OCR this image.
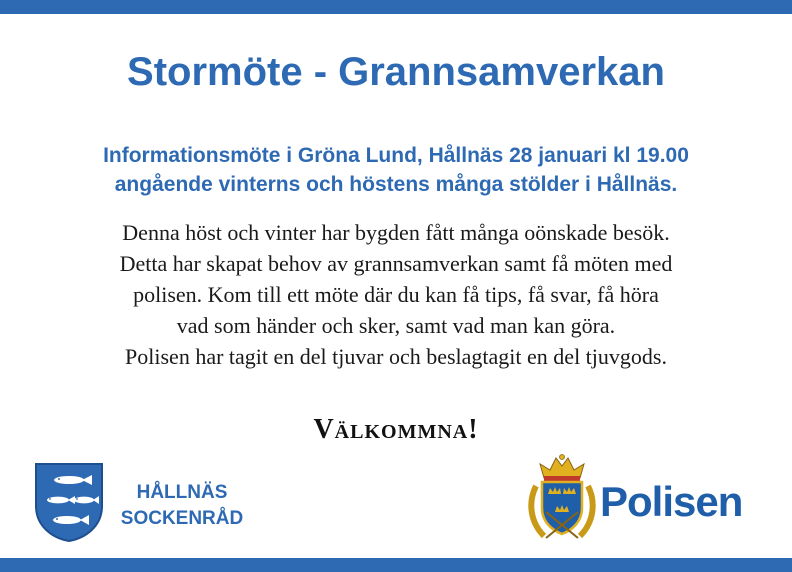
Stormöte - Grannsamverkan
Informationsmöte i Gröna Lund, Hållnäs 28 januari kl 19.00
angående vinterns och höstens många stölder i Hållnäs.
Denna höst och vinter har bygden fått många oönskade besök.
Detta har skapat behov av grannsamverkan samt få möten med
polisen. Kom till ett möte där du kan få tips, få svar, få höra
vad som händer och sker, samt vad man kan göra.
Polisen har tagit en del tjuvar och beslagtagit en del tjuvgods.
Välkommna!
HÅLLNÄS
SOCKENRÅD	Polisen
